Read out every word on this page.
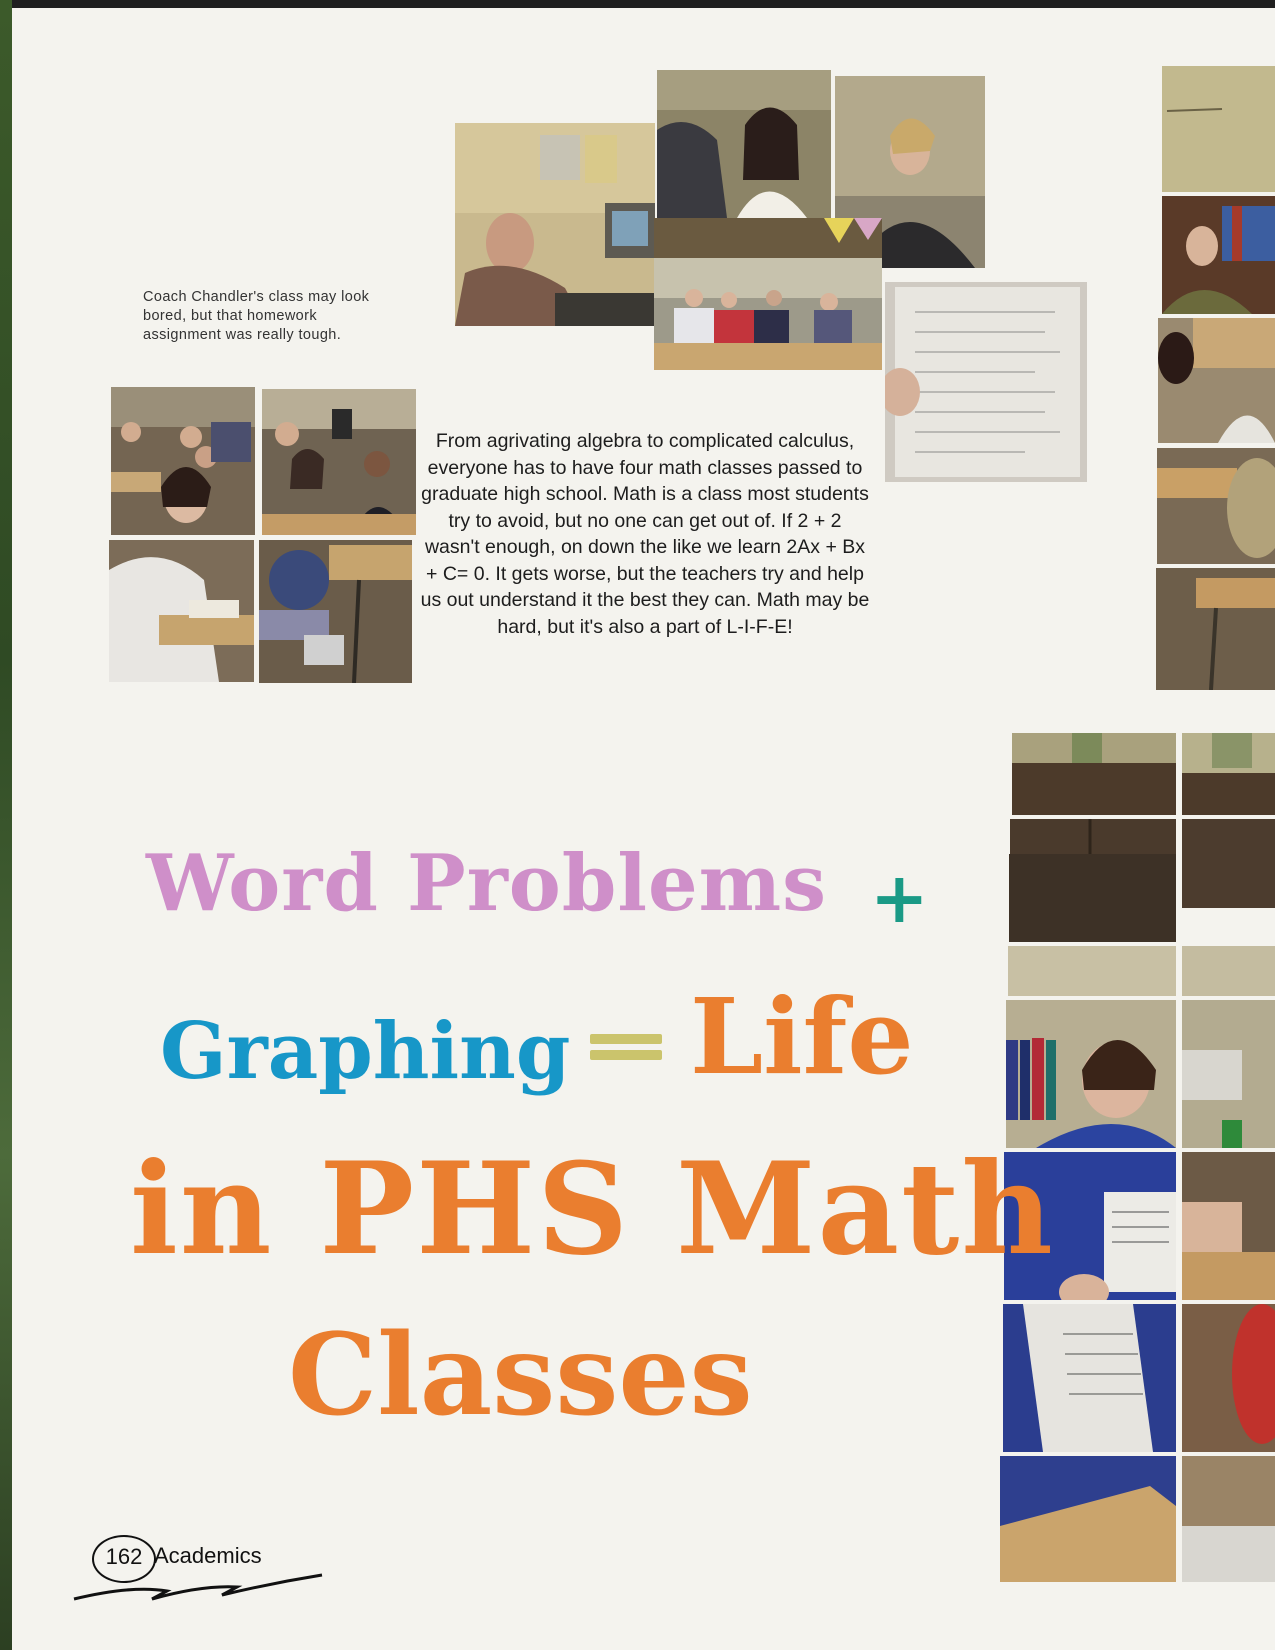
Coach Chandler's class may look bored, but that homework assignment was really tough.
From agrivating algebra to complicated calculus, everyone has to have four math classes passed to graduate high school. Math is a class most students try to avoid, but no one can get out of. If 2 + 2 wasn't enough, on down the like we learn 2Ax + Bx + C= 0. It gets worse, but the teachers try and help us out understand it the best they can. Math may be hard, but it's also a part of L-I-F-E!
Word Problems +
Graphing Life
in PHS Math
Classes
162 Academics
